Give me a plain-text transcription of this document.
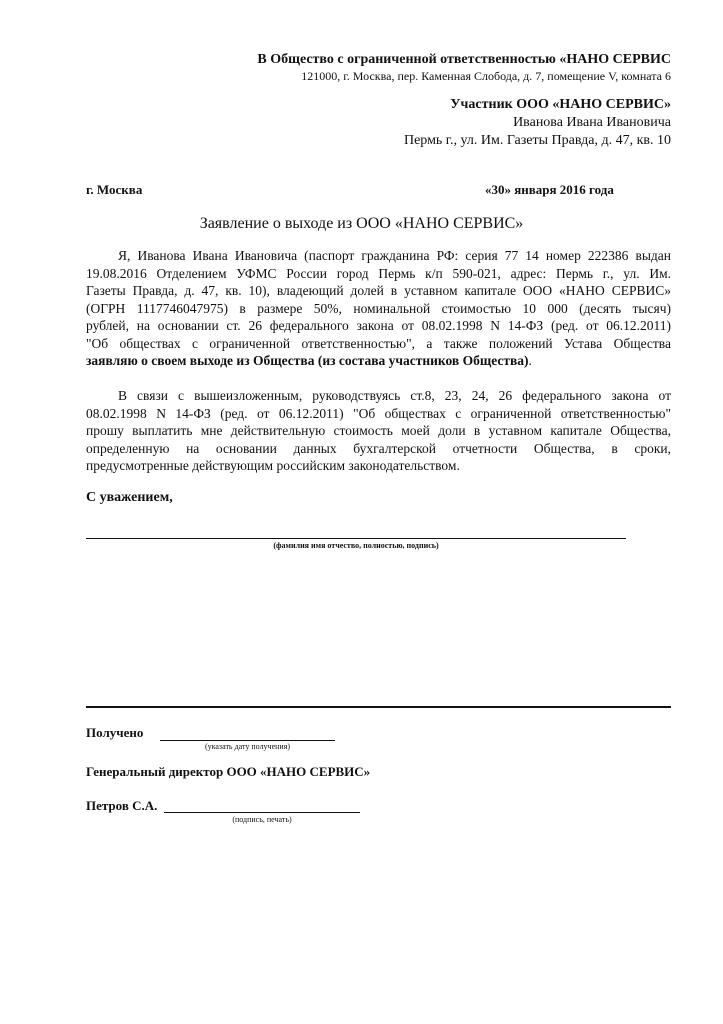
В Общество с ограниченной ответственностью «НАНО СЕРВИС
121000, г. Москва, пер. Каменная Слобода, д. 7, помещение V, комната 6
Участник ООО «НАНО СЕРВИС»
Иванова Ивана Ивановича
Пермь г., ул. Им. Газеты Правда, д. 47, кв. 10
г. Москва	«30» января 2016 года
Заявление о выходе из ООО «НАНО СЕРВИС»
Я, Иванова Ивана Ивановича (паспорт гражданина РФ: серия 77 14 номер 222386 выдан
19.08.2016 Отделением УФМС России город Пермь к/п 590-021, адрес: Пермь г., ул. Им.
Газеты Правда, д. 47, кв. 10), владеющий долей в уставном капитале ООО «НАНО СЕРВИС»
(ОГРН 1117746047975) в размере 50%, номинальной стоимостью 10 000 (десять тысяч)
рублей, на основании ст. 26 федерального закона от 08.02.1998 N 14-ФЗ (ред. от 06.12.2011)
"Об обществах с ограниченной ответственностью", а также положений Устава Общества
заявляю о своем выходе из Общества (из состава участников Общества).
В связи с вышеизложенным, руководствуясь ст.8, 23, 24, 26 федерального закона от
08.02.1998 N 14-ФЗ (ред. от 06.12.2011) "Об обществах с ограниченной ответственностью"
прошу выплатить мне действительную стоимость моей доли в уставном капитале Общества,
определенную на основании данных бухгалтерской отчетности Общества, в сроки,
предусмотренные действующим российским законодательством.
С уважением,
(фамилия имя отчество, полностью, подпись)
Получено
(указать дату получения)
Генеральный директор ООО «НАНО СЕРВИС»
Петров С.А.
(подпись, печать)
